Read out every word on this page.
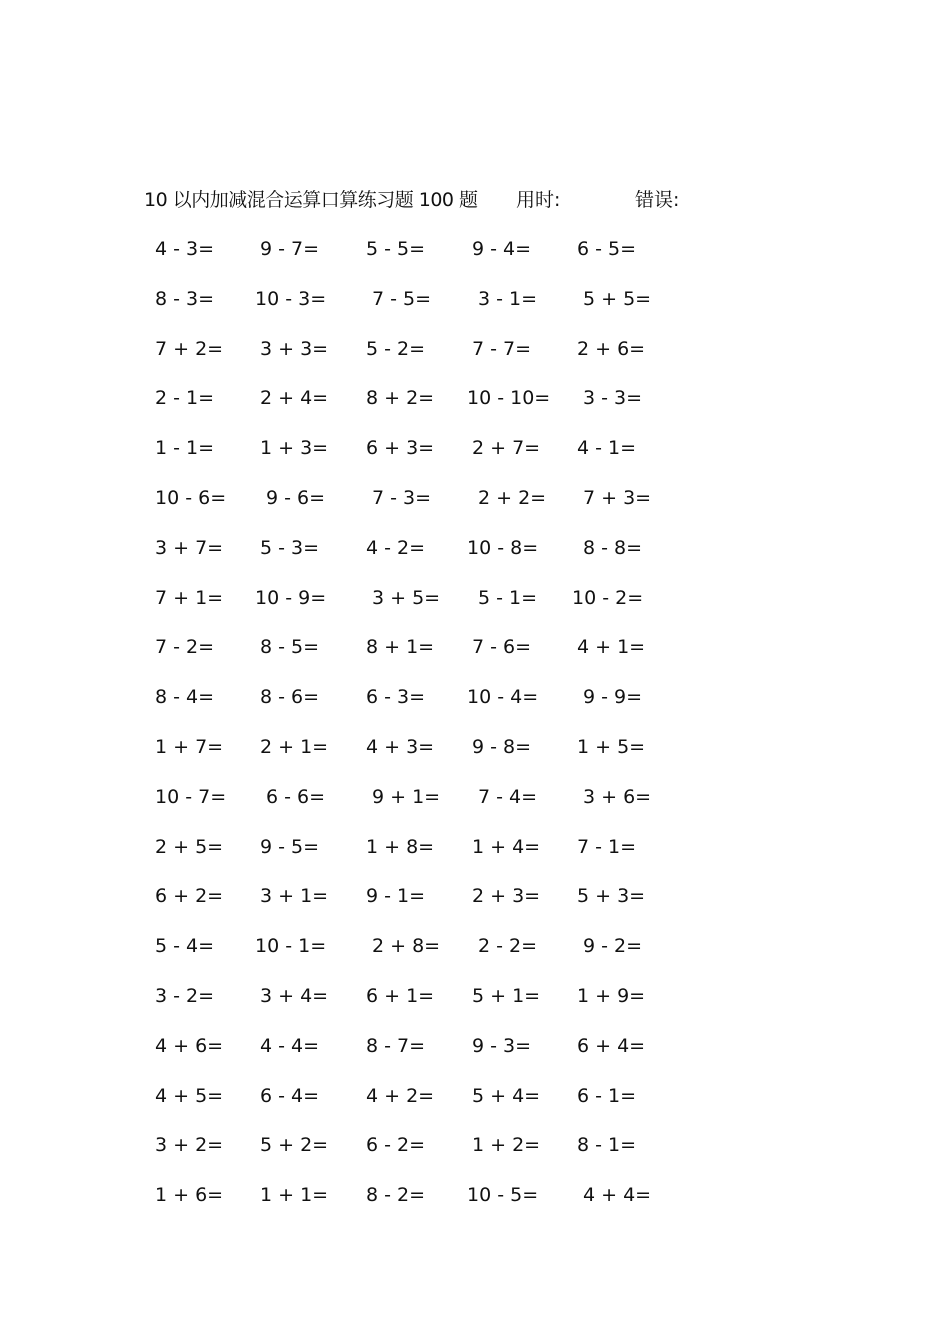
10 以内加减混合运算口算练习题 100 题 用时:	错误:
4 - 3= 9 - 7= 5 - 5= 9 - 4= 6 - 5=
8 - 3= 10 - 3= 7 - 5= 3 - 1= 5 + 5=
7 + 2= 3 + 3= 5 - 2= 7 - 7= 2 + 6=
2 - 1= 2 + 4= 8 + 2= 10 - 10= 3 - 3=
1 - 1= 1 + 3= 6 + 3= 2 + 7= 4 - 1=
10 - 6= 9 - 6= 7 - 3= 2 + 2= 7 + 3=
3 + 7= 5 - 3= 4 - 2= 10 - 8= 8 - 8=
7 + 1= 10 - 9= 3 + 5= 5 - 1= 10 - 2=
7 - 2= 8 - 5= 8 + 1= 7 - 6= 4 + 1=
8 - 4= 8 - 6= 6 - 3= 10 - 4= 9 - 9=
1 + 7= 2 + 1= 4 + 3= 9 - 8= 1 + 5=
10 - 7= 6 - 6= 9 + 1= 7 - 4= 3 + 6=
2 + 5= 9 - 5= 1 + 8= 1 + 4= 7 - 1=
6 + 2= 3 + 1= 9 - 1= 2 + 3= 5 + 3=
5 - 4= 10 - 1= 2 + 8= 2 - 2= 9 - 2=
3 - 2= 3 + 4= 6 + 1= 5 + 1= 1 + 9=
4 + 6= 4 - 4= 8 - 7= 9 - 3= 6 + 4=
4 + 5= 6 - 4= 4 + 2= 5 + 4= 6 - 1=
3 + 2= 5 + 2= 6 - 2= 1 + 2= 8 - 1=
1 + 6= 1 + 1= 8 - 2= 10 - 5= 4 + 4=
